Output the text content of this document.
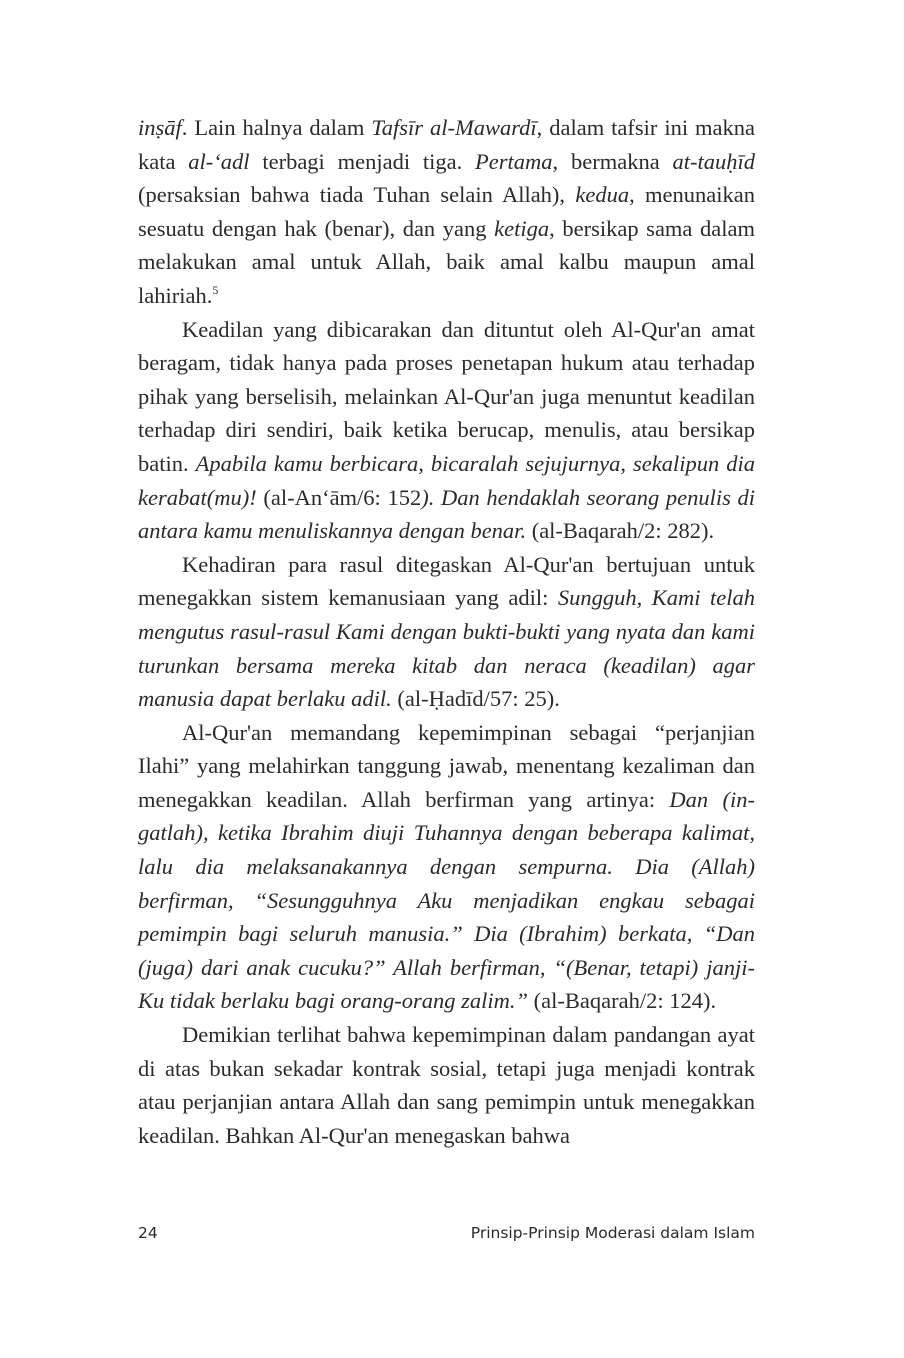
inṣāf. Lain halnya dalam Tafsīr al-Mawardī, dalam tafsir ini makna kata al-‘adl terbagi menjadi tiga. Pertama, bermakna at-tauḥīd (persaksian bahwa tiada Tuhan selain Allah), kedua, menunaikan sesuatu dengan hak (benar), dan yang ketiga, bersikap sama dalam melakukan amal untuk Allah, baik amal kalbu maupun amal lahiriah.$^5$

Keadilan yang dibicarakan dan dituntut oleh Al-Qur'an amat beragam, tidak hanya pada proses penetapan hukum atau terhadap pihak yang berselisih, melainkan Al-Qur'an juga menuntut keadilan terhadap diri sendiri, baik ketika berucap, menulis, atau bersikap batin. Apabila kamu berbicara, bicaralah sejujurnya, sekalipun dia kerabat(mu)! (al-An‘ām/6: 152). Dan hendaklah seorang penulis di antara kamu menuliskannya dengan benar. (al-Baqarah/2: 282).

Kehadiran para rasul ditegaskan Al-Qur'an bertujuan untuk menegakkan sistem kemanusiaan yang adil: Sungguh, Kami telah mengutus rasul-rasul Kami dengan bukti-bukti yang nyata dan kami turunkan bersama mereka kitab dan neraca (keadilan) agar manusia dapat berlaku adil. (al-Ḥadīd/57: 25).

Al-Qur'an memandang kepemimpinan sebagai “perjanjian Ilahi” yang melahirkan tanggung jawab, menentang kezaliman dan menegakkan keadilan. Allah berfirman yang artinya: Dan (ingatlah), ketika Ibrahim diuji Tuhannya dengan beberapa kalimat, lalu dia melaksanakannya dengan sempurna. Dia (Allah) berfirman, “Sesungguhnya Aku menjadikan engkau sebagai pemimpin bagi seluruh manusia.” Dia (Ibrahim) berkata, “Dan (juga) dari anak cucuku?” Allah berfirman, “(Benar, tetapi) janji-Ku tidak berlaku bagi orang-orang zalim.” (al-Baqarah/2: 124).

Demikian terlihat bahwa kepemimpinan dalam pandangan ayat di atas bukan sekadar kontrak sosial, tetapi juga menjadi kontrak atau perjanjian antara Allah dan sang pemimpin untuk menegakkan keadilan. Bahkan Al-Qur'an menegaskan bahwa

24	Prinsip-Prinsip Moderasi dalam Islam
